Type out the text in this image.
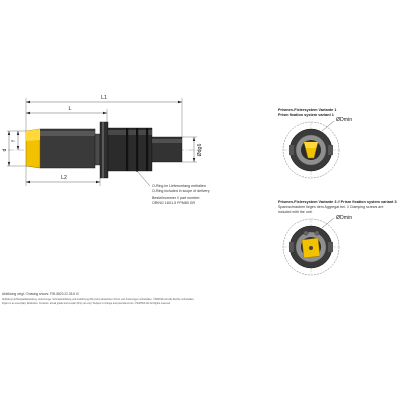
L1
L
L2
d
f
Ødg6
O-Ring im Lieferumfang enthalten
O-Ring included in scope of delivery
Bestellnummer // part number:
ORING 18X1.5 FPM80 GR
Prismen-Fixiersystem Variante 1
Prism fixation system variant 1
ØDmin
Prismen-Fixiersystem Variante 3 // Prism fixation system variant 3
Spannschrauben liegen dem Aggregat bei. // Clamping screws are
included with the unit.
ØDmin
Abbildung zeigt / Drawing shows: F39-5820.22.35.8 IC
Abbildung ist Beispieldarstellung. Liefermenge, Schneidenbildung und Ausführung (R/L) kann abweichen! Irrtum und Änderungen vorbehalten. ©SIMTEK AG Alle Rechte vorbehalten.
Figure is an exemplary illustration. Contents, actual grade and version (R/L) can vary! Subject to change and potential errors. ©SIMTEK AG All Rights reserved.
